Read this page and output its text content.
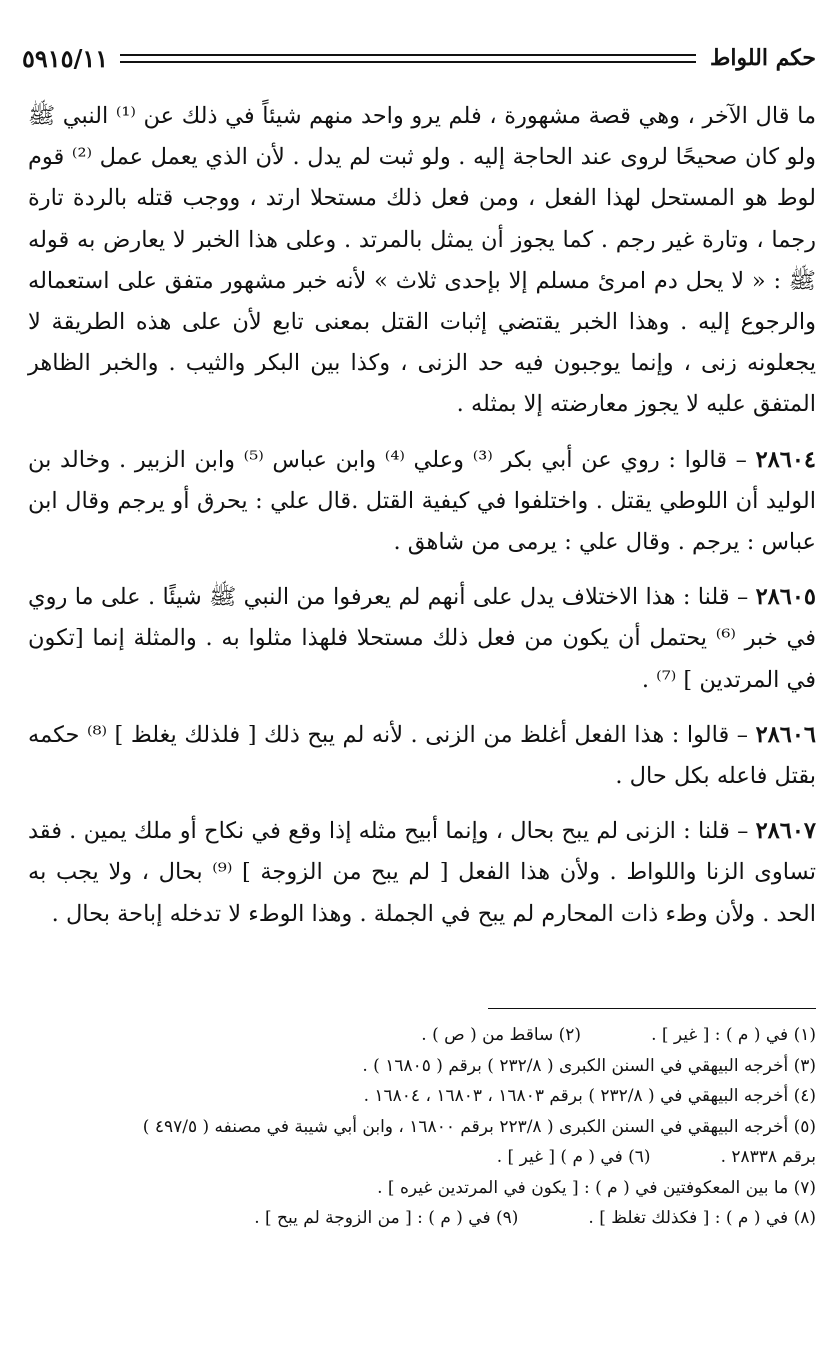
حكم اللواط
٥٩١٥/١١

ما قال الآخر ، وهي قصة مشهورة ، فلم يرو واحد منهم شيئاً في ذلك عن ⁽¹⁾ النبي ﷺ ولو كان صحيحًا لروى عند الحاجة إليه . ولو ثبت لم يدل . لأن الذي يعمل عمل ⁽²⁾ قوم لوط هو المستحل لهذا الفعل ، ومن فعل ذلك مستحلا ارتد ، ووجب قتله بالردة تارة رجما ، وتارة غير رجم . كما يجوز أن يمثل بالمرتد . وعلى هذا الخبر لا يعارض به قوله ﷺ : « لا يحل دم امرئ مسلم إلا بإحدى ثلاث » لأنه خبر مشهور متفق على استعماله والرجوع إليه . وهذا الخبر يقتضي إثبات القتل بمعنى تابع لأن على هذه الطريقة لا يجعلونه زنى ، وإنما يوجبون فيه حد الزنى ، وكذا بين البكر والثيب . والخبر الظاهر المتفق عليه لا يجوز معارضته إلا بمثله .

٢٨٦٠٤ – قالوا : روي عن أبي بكر ⁽³⁾ وعلي ⁽⁴⁾ وابن عباس ⁽⁵⁾ وابن الزبير . وخالد بن الوليد أن اللوطي يقتل . واختلفوا في كيفية القتل .قال علي : يحرق أو يرجم وقال ابن عباس : يرجم . وقال علي : يرمى من شاهق .

٢٨٦٠٥ – قلنا : هذا الاختلاف يدل على أنهم لم يعرفوا من النبي ﷺ شيئًا . على ما روي في خبر ⁽⁶⁾ يحتمل أن يكون من فعل ذلك مستحلا فلهذا مثلوا به . والمثلة إنما [تكون في المرتدين ] ⁽⁷⁾ .

٢٨٦٠٦ – قالوا : هذا الفعل أغلظ من الزنى . لأنه لم يبح ذلك [ فلذلك يغلظ ] ⁽⁸⁾ حكمه بقتل فاعله بكل حال .

٢٨٦٠٧ – قلنا : الزنى لم يبح بحال ، وإنما أبيح مثله إذا وقع في نكاح أو ملك يمين . فقد تساوى الزنا واللواط . ولأن هذا الفعل [ لم يبح من الزوجة ] ⁽⁹⁾ بحال ، ولا يجب به الحد . ولأن وطء ذات المحارم لم يبح في الجملة . وهذا الوطء لا تدخله إباحة بحال .

(١) في ( م ) : [ غير ] .
(٢) ساقط من ( ص ) .
(٣) أخرجه البيهقي في السنن الكبرى ( ٢٣٢/٨ ) برقم ( ١٦٨٠٥ ) .
(٤) أخرجه البيهقي في ( ٢٣٢/٨ ) برقم ١٦٨٠٣ ، ١٦٨٠٣ ، ١٦٨٠٤ .
(٥) أخرجه البيهقي في السنن الكبرى ( ٢٢٣/٨ برقم ١٦٨٠٠ ، وابن أبي شيبة في مصنفه ( ٤٩٧/٥ )
برقم ٢٨٣٣٨ .
(٦) في ( م ) [ غير ] .
(٧) ما بين المعكوفتين في ( م ) : [ يكون في المرتدين غيره ] .
(٨) في ( م ) : [ فكذلك تغلظ ] .
(٩) في ( م ) : [ من الزوجة لم يبح ] .
